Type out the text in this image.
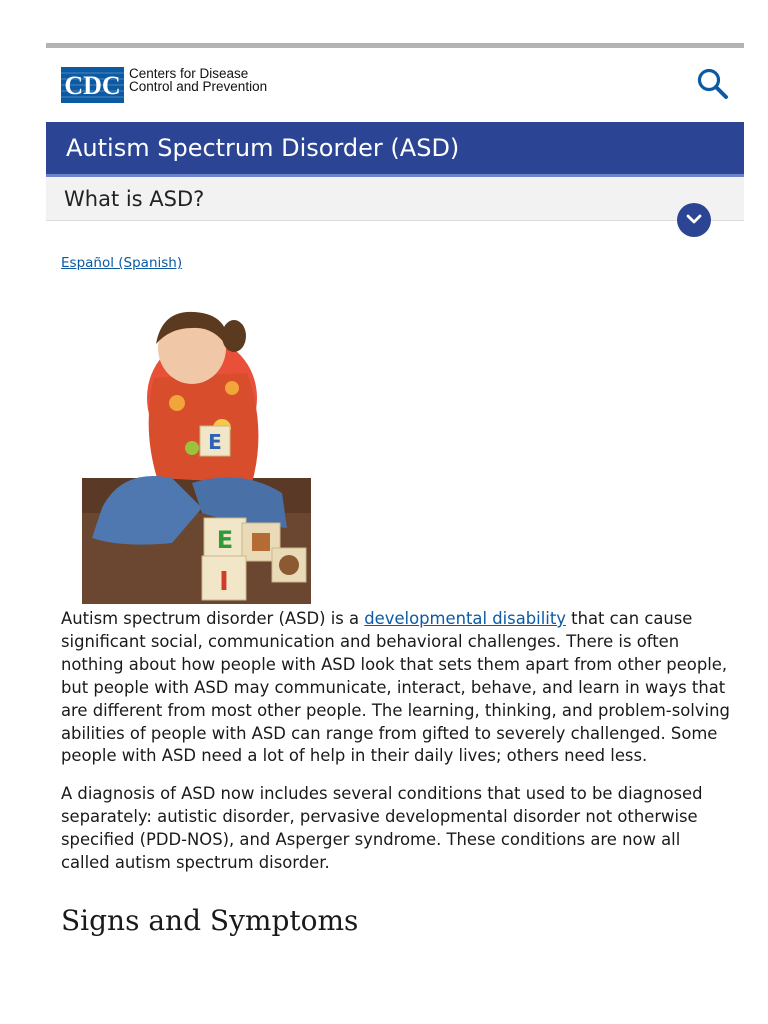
CDC Centers for Disease
Control and Prevention
Autism Spectrum Disorder (ASD)
What is ASD?
Español (Spanish)
E
E
I

Autism spectrum disorder (ASD) is a developmental disability that can cause significant social, communication and behavioral challenges. There is often nothing about how people with ASD look that sets them apart from other people, but people with ASD may communicate, interact, behave, and learn in ways that are different from most other people. The learning, thinking, and problem-solving abilities of people with ASD can range from gifted to severely challenged. Some people with ASD need a lot of help in their daily lives; others need less.

A diagnosis of ASD now includes several conditions that used to be diagnosed separately: autistic disorder, pervasive developmental disorder not otherwise specified (PDD-NOS), and Asperger syndrome. These conditions are now all called autism spectrum disorder.

Signs and Symptoms
